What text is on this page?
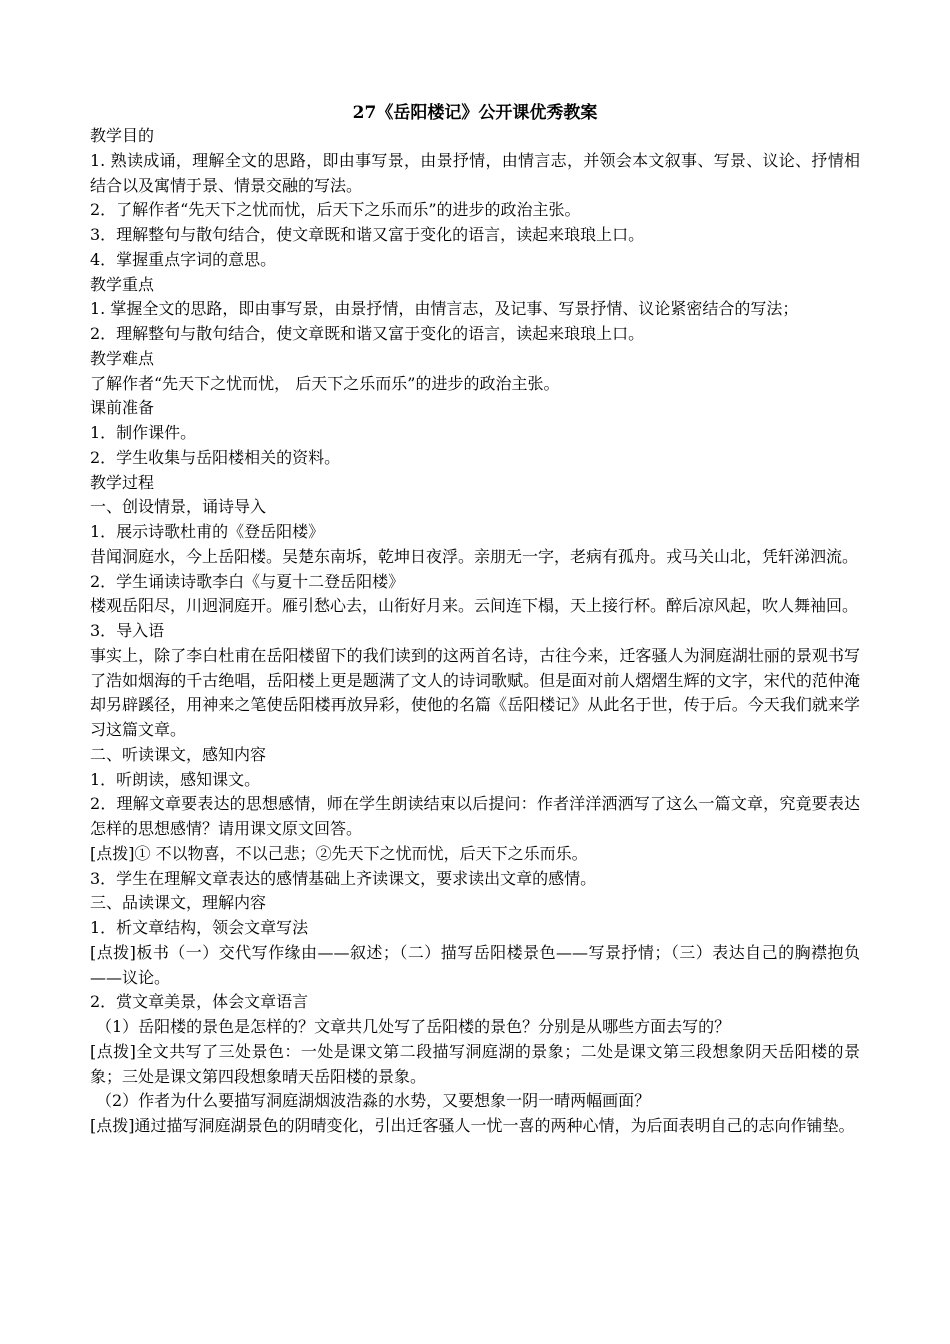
27《岳阳楼记》公开课优秀教案

教学目的

1. 熟读成诵，理解全文的思路，即由事写景，由景抒情，由情言志，并领会本文叙事、写景、议论、抒情相结合以及寓情于景、情景交融的写法。

2．了解作者“先天下之忧而忧，后天下之乐而乐”的进步的政治主张。

3．理解整句与散句结合，使文章既和谐又富于变化的语言，读起来琅琅上口。

4．掌握重点字词的意思。

教学重点

1. 掌握全文的思路，即由事写景，由景抒情，由情言志，及记事、写景抒情、议论紧密结合的写法；

2．理解整句与散句结合，使文章既和谐又富于变化的语言，读起来琅琅上口。

教学难点

了解作者“先天下之忧而忧， 后天下之乐而乐”的进步的政治主张。

课前准备

1．制作课件。

2．学生收集与岳阳楼相关的资料。

教学过程

一、创设情景，诵诗导入

1．展示诗歌杜甫的《登岳阳楼》

昔闻洞庭水，今上岳阳楼。吴楚东南坼，乾坤日夜浮。亲朋无一字，老病有孤舟。戎马关山北，凭轩涕泗流。

2．学生诵读诗歌李白《与夏十二登岳阳楼》

楼观岳阳尽，川迥洞庭开。雁引愁心去，山衔好月来。云间连下榻，天上接行杯。醉后凉风起，吹人舞袖回。

3．导入语

事实上，除了李白杜甫在岳阳楼留下的我们读到的这两首名诗，古往今来，迁客骚人为洞庭湖壮丽的景观书写了浩如烟海的千古绝唱，岳阳楼上更是题满了文人的诗词歌赋。但是面对前人熠熠生辉的文字，宋代的范仲淹却另辟蹊径，用神来之笔使岳阳楼再放异彩，使他的名篇《岳阳楼记》从此名于世，传于后。今天我们就来学习这篇文章。

二、听读课文，感知内容

1．听朗读，感知课文。

2．理解文章要表达的思想感情，师在学生朗读结束以后提问：作者洋洋洒洒写了这么一篇文章，究竟要表达怎样的思想感情？请用课文原文回答。

[点拨]① 不以物喜，不以己悲；②先天下之忧而忧，后天下之乐而乐。

3．学生在理解文章表达的感情基础上齐读课文，要求读出文章的感情。

三、品读课文，理解内容

1．析文章结构，领会文章写法

[点拨]板书（一）交代写作缘由——叙述；（二）描写岳阳楼景色——写景抒情；（三）表达自己的胸襟抱负——议论。

2．赏文章美景，体会文章语言

（1）岳阳楼的景色是怎样的？文章共几处写了岳阳楼的景色？分别是从哪些方面去写的？

[点拨]全文共写了三处景色：一处是课文第二段描写洞庭湖的景象；二处是课文第三段想象阴天岳阳楼的景象；三处是课文第四段想象晴天岳阳楼的景象。

（2）作者为什么要描写洞庭湖烟波浩淼的水势，又要想象一阴一晴两幅画面？

[点拨]通过描写洞庭湖景色的阴晴变化，引出迁客骚人一忧一喜的两种心情，为后面表明自己的志向作铺垫。
